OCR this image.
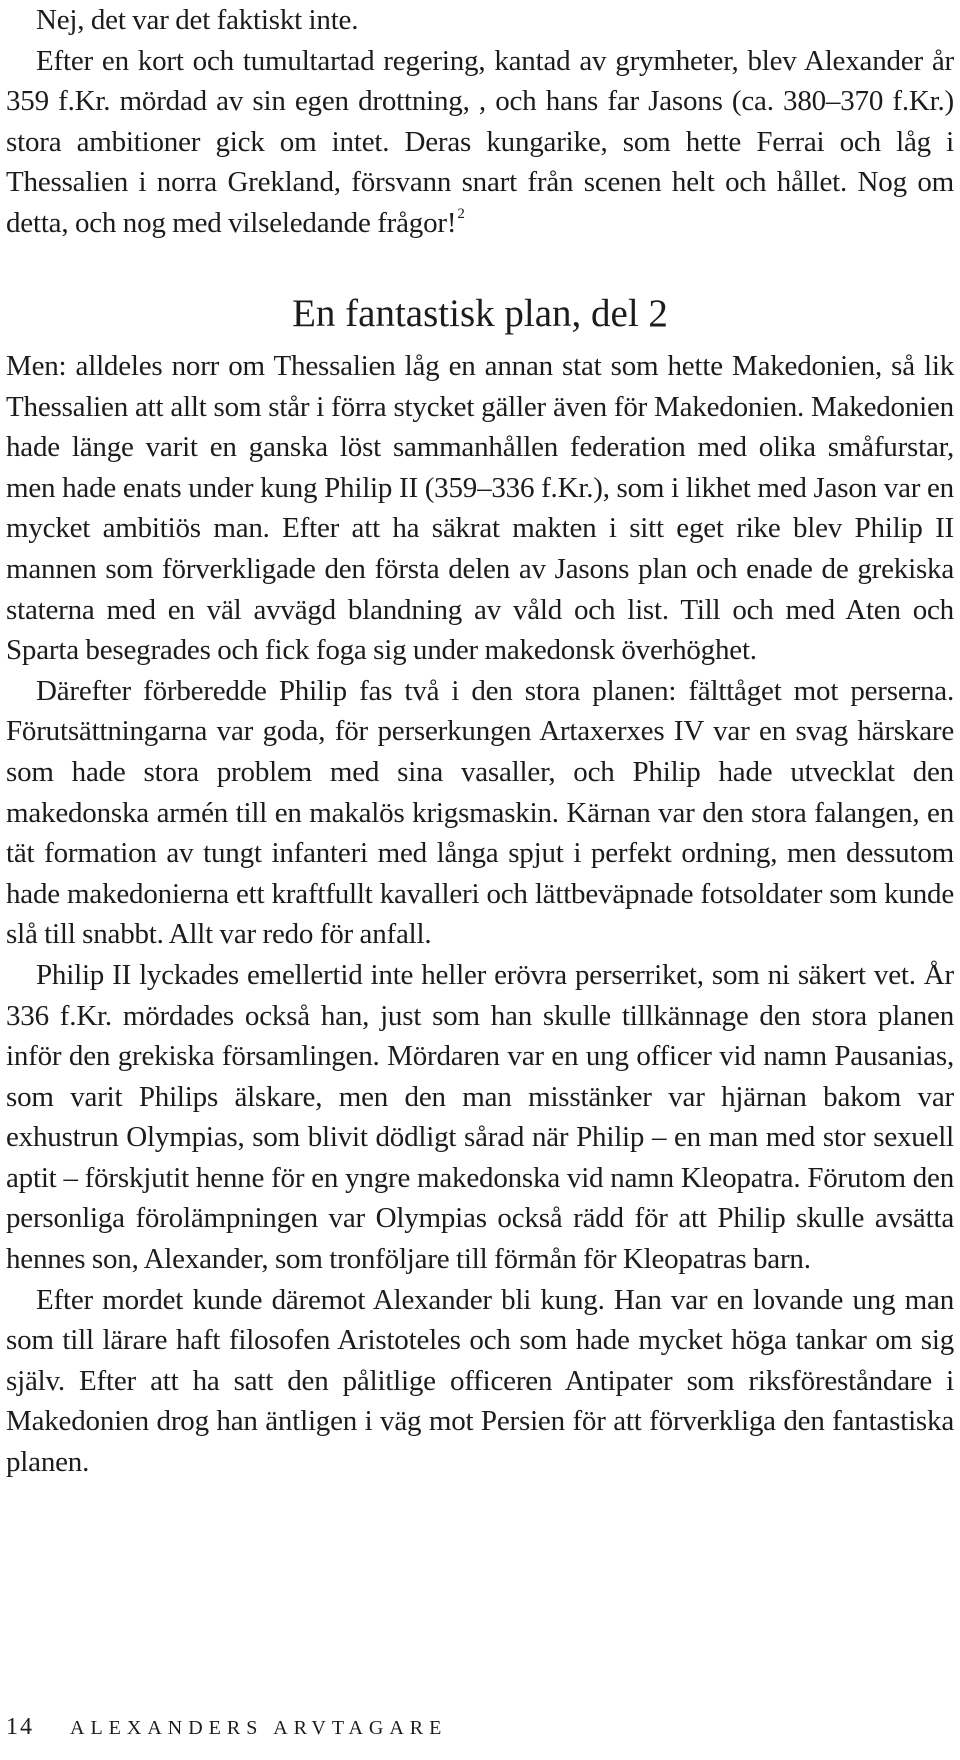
Nej, det var det faktiskt inte.

Efter en kort och tumultartad regering, kantad av grymheter, blev Alexander år 359 f.Kr. mördad av sin egen drottning, , och hans far Jasons (ca. 380–370 f.Kr.) stora ambitioner gick om intet. Deras kungarike, som hette Ferrai och låg i Thessalien i norra Grekland, försvann snart från scenen helt och hållet. Nog om detta, och nog med vilseledande frågor!$^2$

En fantastisk plan, del 2

Men: alldeles norr om Thessalien låg en annan stat som hette Makedonien, så lik Thessalien att allt som står i förra stycket gäller även för Makedonien. Makedonien hade länge varit en ganska löst sammanhållen federation med olika småfurstar, men hade enats under kung Philip II (359–336 f.Kr.), som i likhet med Jason var en mycket ambitiös man. Efter att ha säkrat makten i sitt eget rike blev Philip II mannen som förverkligade den första delen av Jasons plan och enade de grekiska staterna med en väl avvägd blandning av våld och list. Till och med Aten och Sparta besegrades och fick foga sig under makedonsk överhöghet.

Därefter förberedde Philip fas två i den stora planen: fälttåget mot perserna. Förutsättningarna var goda, för perserkungen Artaxerxes IV var en svag härskare som hade stora problem med sina vasaller, och Philip hade utvecklat den makedonska armén till en makalös krigsmaskin. Kärnan var den stora falangen, en tät formation av tungt infanteri med långa spjut i perfekt ordning, men dessutom hade makedonierna ett kraftfullt kavalleri och lättbeväpnade fotsoldater som kunde slå till snabbt. Allt var redo för anfall.

Philip II lyckades emellertid inte heller erövra perserriket, som ni säkert vet. År 336 f.Kr. mördades också han, just som han skulle tillkännage den stora planen inför den grekiska församlingen. Mördaren var en ung officer vid namn Pausanias, som varit Philips älskare, men den man misstänker var hjärnan bakom var exhustrun Olympias, som blivit dödligt sårad när Philip – en man med stor sexuell aptit – förskjutit henne för en yngre makedonska vid namn Kleopatra. Förutom den personliga förolämpningen var Olympias också rädd för att Philip skulle avsätta hennes son, Alexander, som tronföljare till förmån för Kleopatras barn.

Efter mordet kunde däremot Alexander bli kung. Han var en lovande ung man som till lärare haft filosofen Aristoteles och som hade mycket höga tankar om sig själv. Efter att ha satt den pålitlige officeren Antipater som riksföreståndare i Makedonien drog han äntligen i väg mot Persien för att förverkliga den fantastiska planen.

14 ALEXANDERS ARVTAGARE
